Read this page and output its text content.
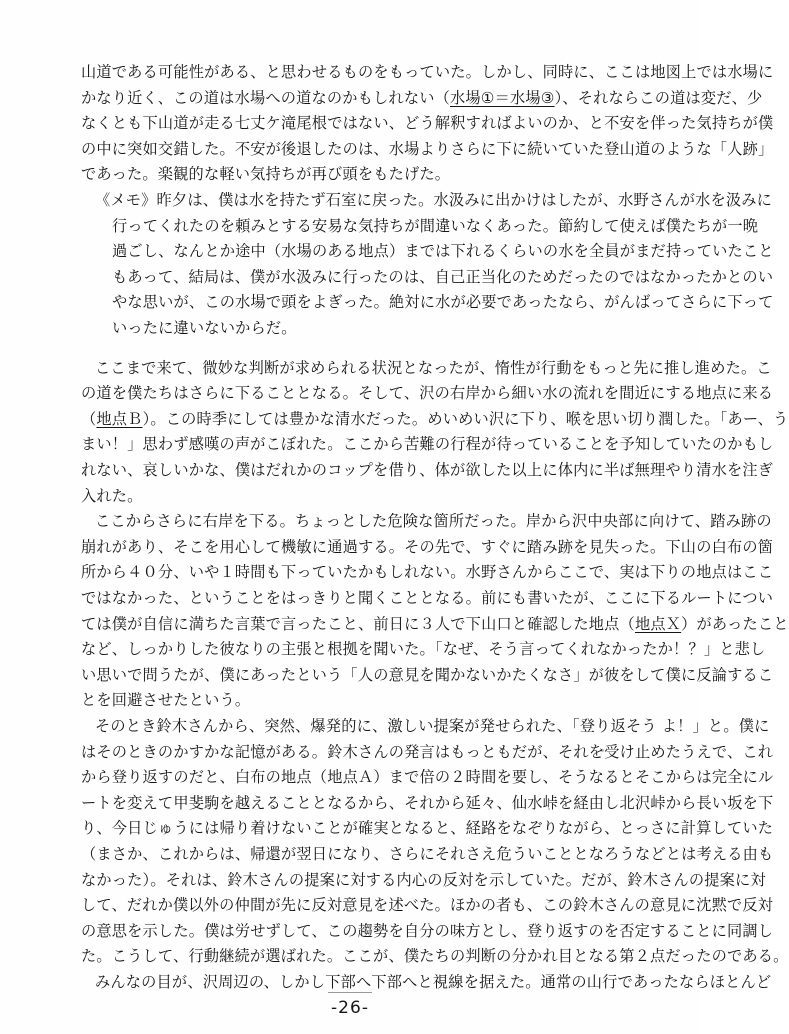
-26-
山道である可能性がある、と思わせるものをもっていた。しかし、同時に、ここは地図上では水場に
かなり近く、この道は水場への道なのかもしれない（水場①＝水場③）、それならこの道は変だ、少
なくとも下山道が走る七丈ケ滝尾根ではない、どう解釈すればよいのか、と不安を伴った気持ちが僕
の中に突如交錯した。不安が後退したのは、水場よりさらに下に続いていた登山道のような「人跡」
であった。楽観的な軽い気持ちが再び頭をもたげた。
《メモ》昨夕は、僕は水を持たず石室に戻った。水汲みに出かけはしたが、水野さんが水を汲みに
行ってくれたのを頼みとする安易な気持ちが間違いなくあった。節約して使えば僕たちが一晩
過ごし、なんとか途中（水場のある地点）までは下れるくらいの水を全員がまだ持っていたこと
もあって、結局は、僕が水汲みに行ったのは、自己正当化のためだったのではなかったかとのい
やな思いが、この水場で頭をよぎった。絶対に水が必要であったなら、がんばってさらに下って
いったに違いないからだ。
ここまで来て、微妙な判断が求められる状況となったが、惰性が行動をもっと先に推し進めた。こ
の道を僕たちはさらに下ることとなる。そして、沢の右岸から細い水の流れを間近にする地点に来る
（地点Ｂ）。この時季にしては豊かな清水だった。めいめい沢に下り、喉を思い切り潤した。「あー、う
まい！」思わず感嘆の声がこぼれた。ここから苦難の行程が待っていることを予知していたのかもし
れない、哀しいかな、僕はだれかのコップを借り、体が欲した以上に体内に半ば無理やり清水を注ぎ
入れた。
ここからさらに右岸を下る。ちょっとした危険な箇所だった。岸から沢中央部に向けて、踏み跡の
崩れがあり、そこを用心して機敏に通過する。その先で、すぐに踏み跡を見失った。下山の白布の箇
所から４０分、いや１時間も下っていたかもしれない。水野さんからここで、実は下りの地点はここ
ではなかった、ということをはっきりと聞くこととなる。前にも書いたが、ここに下るルートについ
ては僕が自信に満ちた言葉で言ったこと、前日に３人で下山口と確認した地点（地点Ｘ）があったこと
など、しっかりした彼なりの主張と根拠を聞いた。「なぜ、そう言ってくれなかったか！？」と悲し
い思いで問うたが、僕にあったという「人の意見を聞かないかたくなさ」が彼をして僕に反論するこ
とを回避させたという。
そのとき鈴木さんから、突然、爆発的に、激しい提案が発せられた、「登り返そう よ！」と。僕に
はそのときのかすかな記憶がある。鈴木さんの発言はもっともだが、それを受け止めたうえで、これ
から登り返すのだと、白布の地点（地点Ａ）まで倍の２時間を要し、そうなるとそこからは完全にル
ートを変えて甲斐駒を越えることとなるから、それから延々、仙水峠を経由し北沢峠から長い坂を下
り、今日じゅうには帰り着けないことが確実となると、経路をなぞりながら、とっさに計算していた
（まさか、これからは、帰還が翌日になり、さらにそれさえ危ういこととなろうなどとは考える由も
なかった）。それは、鈴木さんの提案に対する内心の反対を示していた。だが、鈴木さんの提案に対
して、だれか僕以外の仲間が先に反対意見を述べた。ほかの者も、この鈴木さんの意見に沈黙で反対
の意思を示した。僕は労せずして、この趨勢を自分の味方とし、登り返すのを否定することに同調し
た。こうして、行動継続が選ばれた。ここが、僕たちの判断の分かれ目となる第２点だったのである。
みんなの目が、沢周辺の、しかし下部へ下部へと視線を据えた。通常の山行であったならほとんど
